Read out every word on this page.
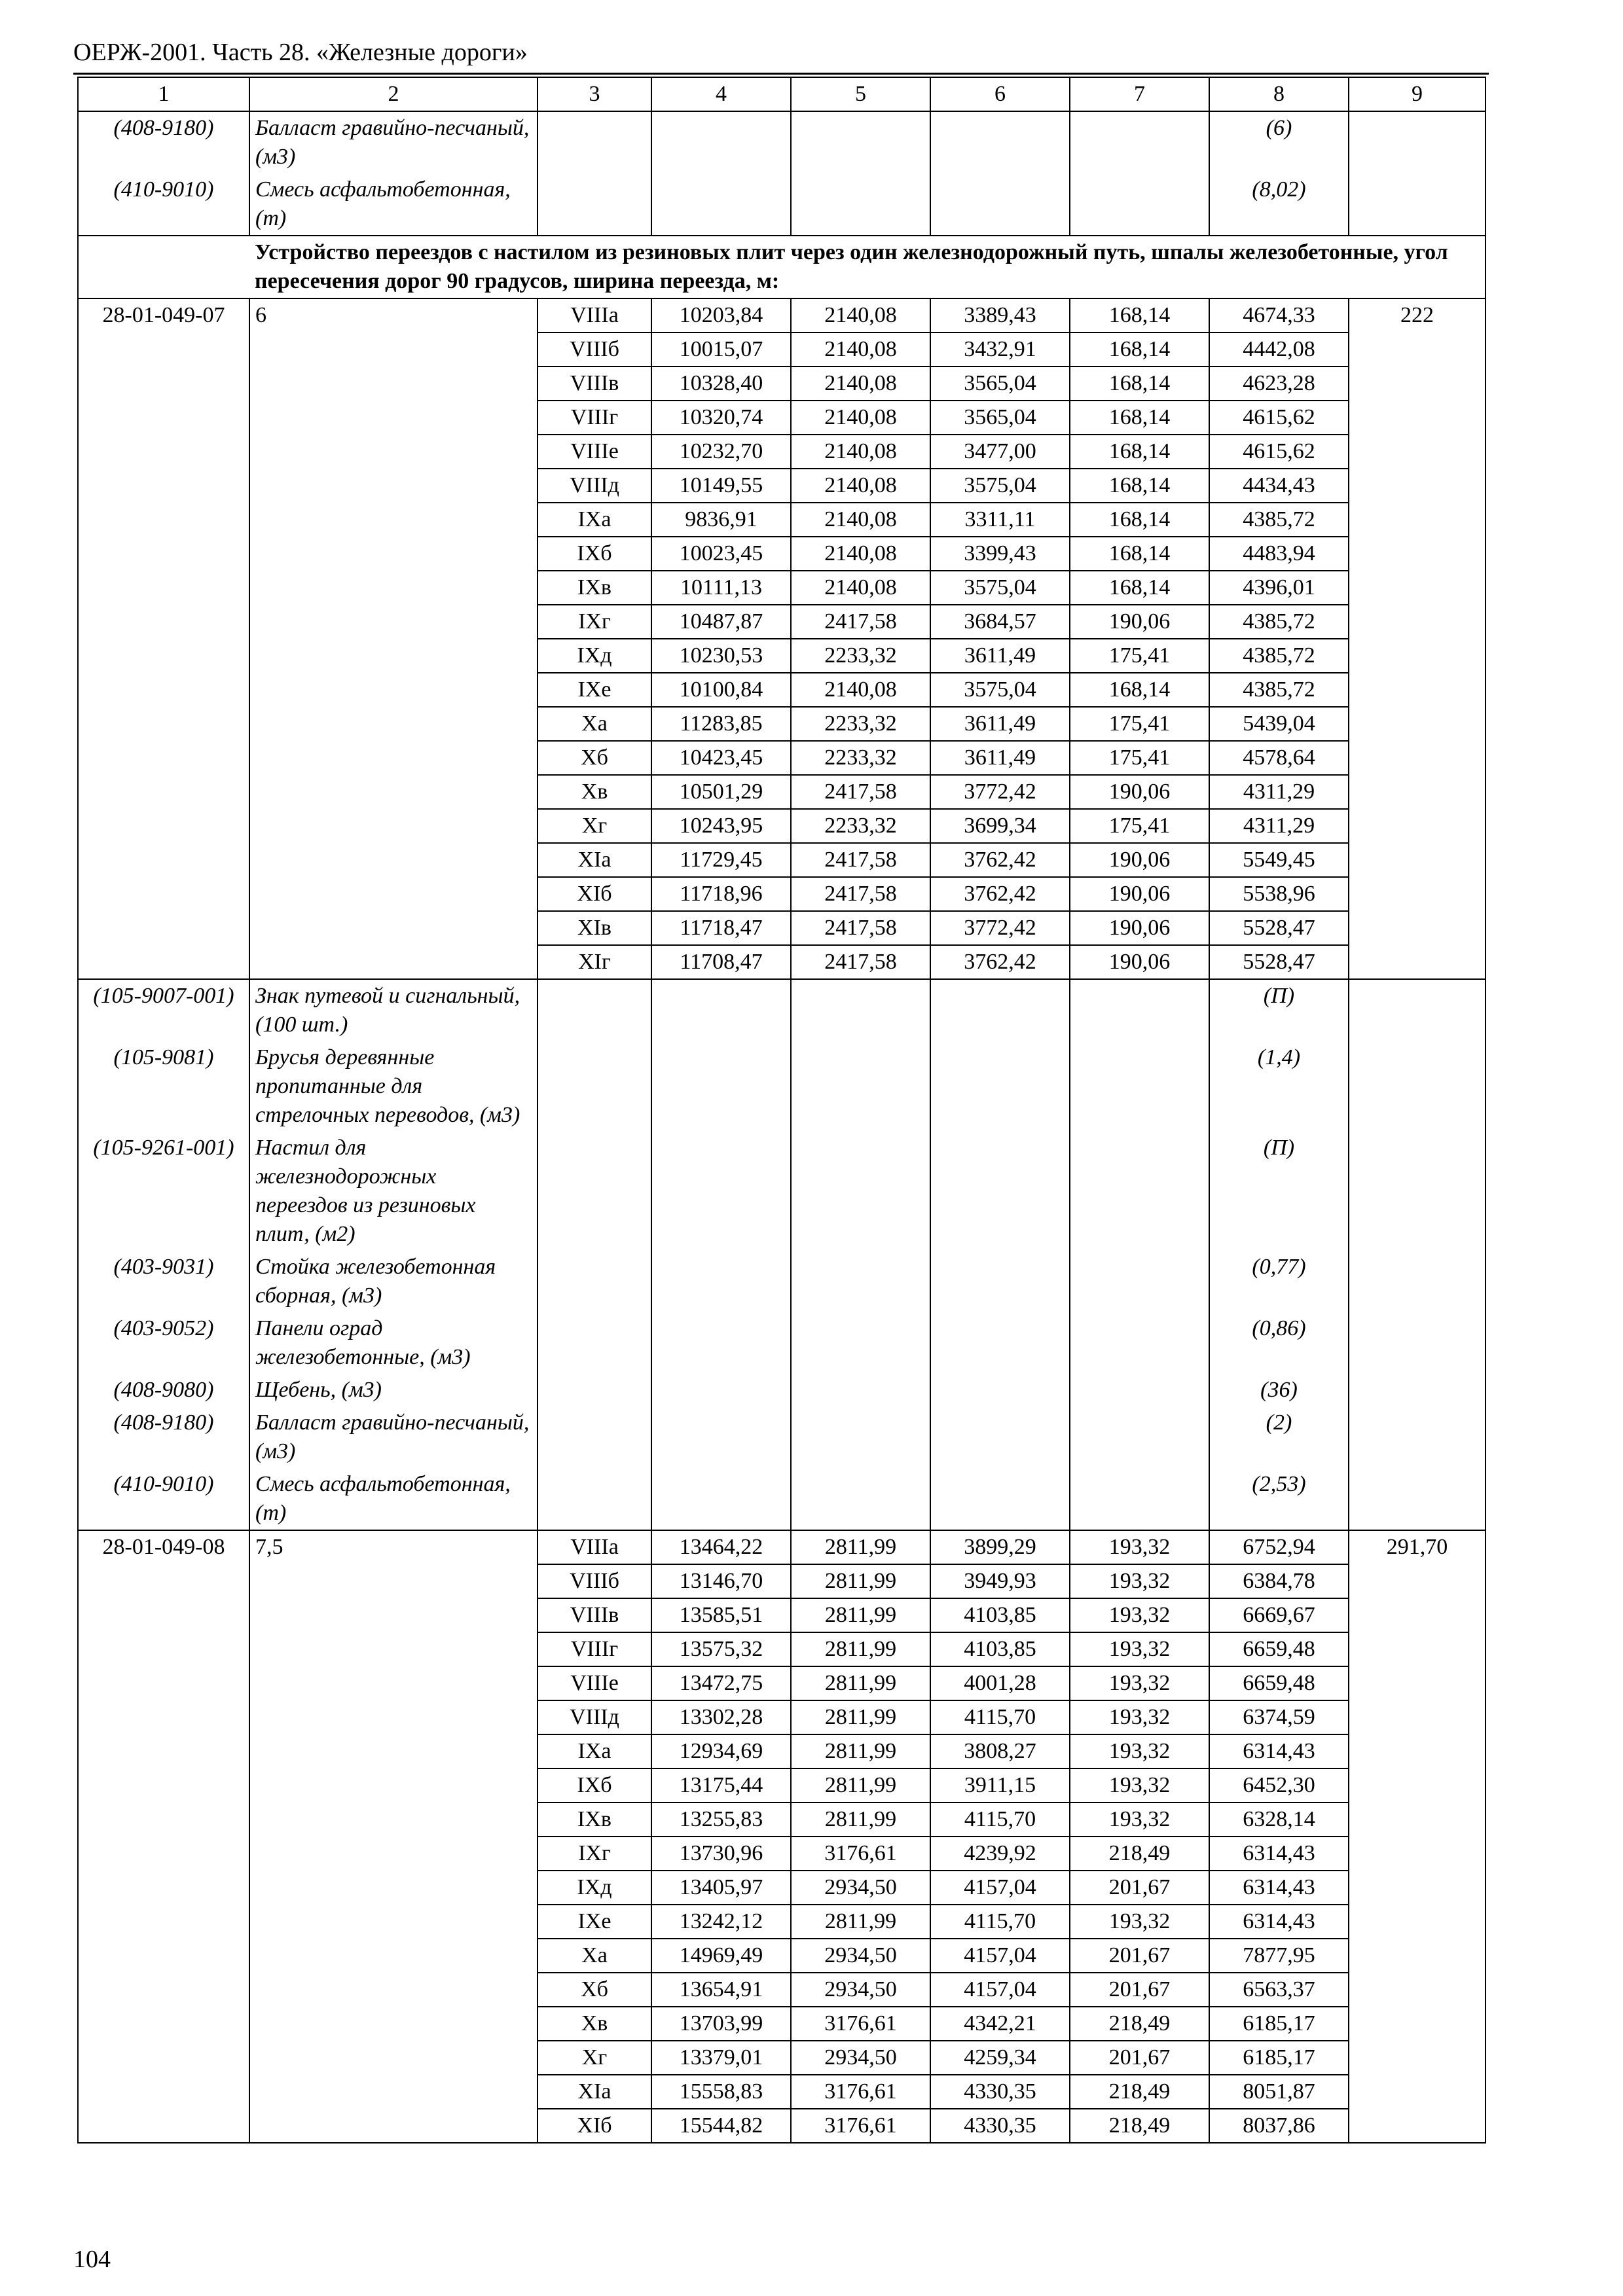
ОЕРЖ-2001. Часть 28. «Железные дороги»
1	2	3	4	5	6	7	8	9
(408-9180)	Балласт гравийно-песчаный, (м3)						(6)	
(410-9010)	Смесь асфальтобетонная, (т)						(8,02)	
	Устройство переездов с настилом из резиновых плит через один железнодорожный путь, шпалы железобетонные, угол пересечения дорог 90 градусов, ширина переезда, м:							
28-01-049-07	6	VIIIа	10203,84	2140,08	3389,43	168,14	4674,33	222
		VIIIб	10015,07	2140,08	3432,91	168,14	4442,08	
		VIIIв	10328,40	2140,08	3565,04	168,14	4623,28	
		VIIIг	10320,74	2140,08	3565,04	168,14	4615,62	
		VIIIе	10232,70	2140,08	3477,00	168,14	4615,62	
		VIIIд	10149,55	2140,08	3575,04	168,14	4434,43	
		IXа	9836,91	2140,08	3311,11	168,14	4385,72	
		IXб	10023,45	2140,08	3399,43	168,14	4483,94	
		IXв	10111,13	2140,08	3575,04	168,14	4396,01	
		IXг	10487,87	2417,58	3684,57	190,06	4385,72	
		IXд	10230,53	2233,32	3611,49	175,41	4385,72	
		IXе	10100,84	2140,08	3575,04	168,14	4385,72	
		Xа	11283,85	2233,32	3611,49	175,41	5439,04	
		Xб	10423,45	2233,32	3611,49	175,41	4578,64	
		Xв	10501,29	2417,58	3772,42	190,06	4311,29	
		Xг	10243,95	2233,32	3699,34	175,41	4311,29	
		XIа	11729,45	2417,58	3762,42	190,06	5549,45	
		XIб	11718,96	2417,58	3762,42	190,06	5538,96	
		XIв	11718,47	2417,58	3772,42	190,06	5528,47	
		XIг	11708,47	2417,58	3762,42	190,06	5528,47	
(105-9007-001)	Знак путевой и сигнальный, (100 шт.)						(П)	
(105-9081)	Брусья деревянные пропитанные для стрелочных переводов, (м3)						(1,4)	
(105-9261-001)	Настил для железнодорожных переездов из резиновых плит, (м2)						(П)	
(403-9031)	Стойка железобетонная сборная, (м3)						(0,77)	
(403-9052)	Панели оград железобетонные, (м3)						(0,86)	
(408-9080)	Щебень, (м3)						(36)	
(408-9180)	Балласт гравийно-песчаный, (м3)						(2)	
(410-9010)	Смесь асфальтобетонная, (т)						(2,53)	
28-01-049-08	7,5	VIIIа	13464,22	2811,99	3899,29	193,32	6752,94	291,70
		VIIIб	13146,70	2811,99	3949,93	193,32	6384,78	
		VIIIв	13585,51	2811,99	4103,85	193,32	6669,67	
		VIIIг	13575,32	2811,99	4103,85	193,32	6659,48	
		VIIIе	13472,75	2811,99	4001,28	193,32	6659,48	
		VIIIд	13302,28	2811,99	4115,70	193,32	6374,59	
		IXа	12934,69	2811,99	3808,27	193,32	6314,43	
		IXб	13175,44	2811,99	3911,15	193,32	6452,30	
		IXв	13255,83	2811,99	4115,70	193,32	6328,14	
		IXг	13730,96	3176,61	4239,92	218,49	6314,43	
		IXд	13405,97	2934,50	4157,04	201,67	6314,43	
		IXе	13242,12	2811,99	4115,70	193,32	6314,43	
		Xа	14969,49	2934,50	4157,04	201,67	7877,95	
		Xб	13654,91	2934,50	4157,04	201,67	6563,37	
		Xв	13703,99	3176,61	4342,21	218,49	6185,17	
		Xг	13379,01	2934,50	4259,34	201,67	6185,17	
		XIа	15558,83	3176,61	4330,35	218,49	8051,87	
		XIб	15544,82	3176,61	4330,35	218,49	8037,86	
104
